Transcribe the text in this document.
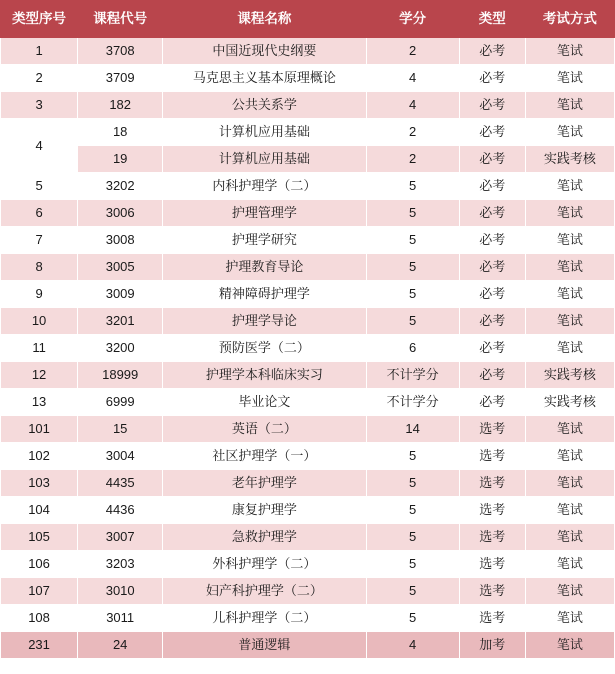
类型序号	课程代号	课程名称	学分	类型	考试方式
1	3708	中国近现代史纲要	2	必考	笔试
2	3709	马克思主义基本原理概论	4	必考	笔试
3	182	公共关系学	4	必考	笔试
4	18	计算机应用基础	2	必考	笔试
	19	计算机应用基础	2	必考	实践考核
5	3202	内科护理学（二）	5	必考	笔试
6	3006	护理管理学	5	必考	笔试
7	3008	护理学研究	5	必考	笔试
8	3005	护理教育导论	5	必考	笔试
9	3009	精神障碍护理学	5	必考	笔试
10	3201	护理学导论	5	必考	笔试
11	3200	预防医学（二）	6	必考	笔试
12	18999	护理学本科临床实习	不计学分	必考	实践考核
13	6999	毕业论文	不计学分	必考	实践考核
101	15	英语（二）	14	选考	笔试
102	3004	社区护理学（一）	5	选考	笔试
103	4435	老年护理学	5	选考	笔试
104	4436	康复护理学	5	选考	笔试
105	3007	急救护理学	5	选考	笔试
106	3203	外科护理学（二）	5	选考	笔试
107	3010	妇产科护理学（二）	5	选考	笔试
108	3011	儿科护理学（二）	5	选考	笔试
231	24	普通逻辑	4	加考	笔试
